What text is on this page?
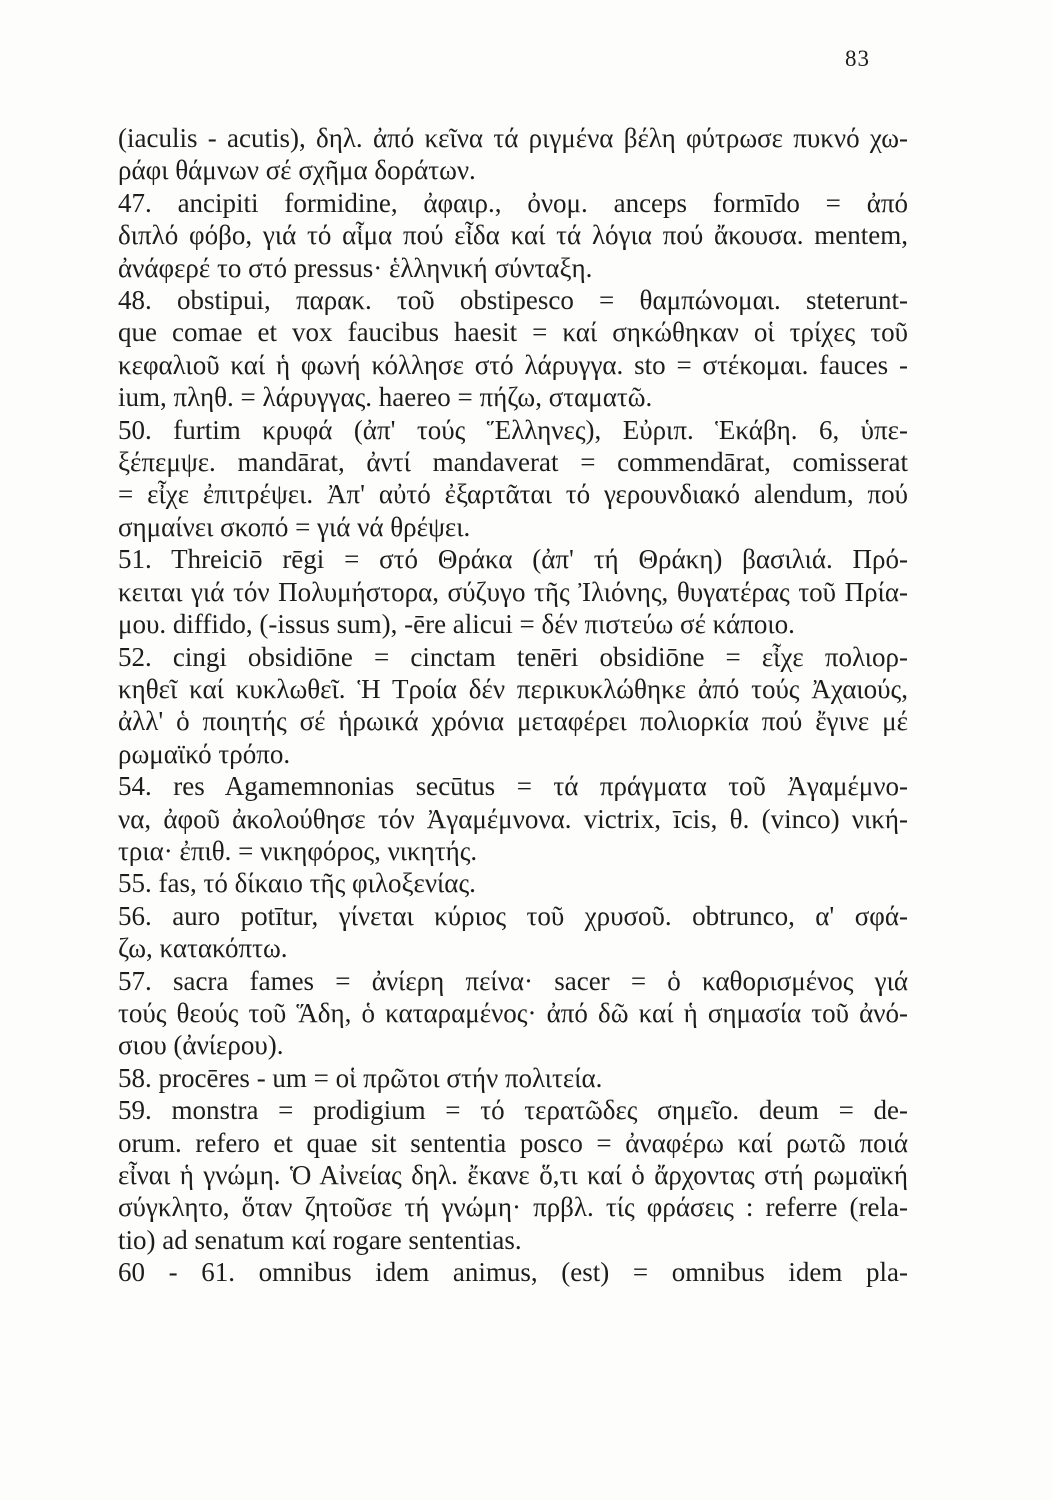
83
(iaculis - acutis), δηλ. ἀπό κεῖνα τά ριγμένα βέλη φύτρωσε πυκνό χω-
ράφι θάμνων σέ σχῆμα δοράτων.
47. ancipiti formidine, ἀφαιρ., ὀνομ. anceps formīdo = ἀπό
διπλό φόβο, γιά τό αἷμα πού εἶδα καί τά λόγια πού ἄκουσα. mentem,
ἀνάφερέ το στό pressus· ἑλληνική σύνταξη.
48. obstipui, παρακ. τοῦ obstipesco = θαμπώνομαι. steterunt-
que comae et vox faucibus haesit = καί σηκώθηκαν οἱ τρίχες τοῦ
κεφαλιοῦ καί ἡ φωνή κόλλησε στό λάρυγγα. sto = στέκομαι. fauces -
ium, πληθ. = λάρυγγας. haereo = πήζω, σταματῶ.
50. furtim κρυφά (ἀπ' τούς Ἕλληνες), Εὐριπ. Ἑκάβη. 6, ὑπε-
ξέπεμψε. mandārat, ἀντί mandaverat = commendārat, comisserat
= εἶχε ἐπιτρέψει. Ἀπ' αὐτό ἐξαρτᾶται τό γερουνδιακό alendum, πού
σημαίνει σκοπό = γιά νά θρέψει.
51. Threiciō rēgi = στό Θράκα (ἀπ' τή Θράκη) βασιλιά. Πρό-
κειται γιά τόν Πολυμήστορα, σύζυγο τῆς Ἰλιόνης, θυγατέρας τοῦ Πρία-
μου. diffido, (-issus sum), -ēre alicui = δέν πιστεύω σέ κάποιο.
52. cingi obsidiōne = cinctam tenēri obsidiōne = εἶχε πολιορ-
κηθεῖ καί κυκλωθεῖ. Ἡ Τροία δέν περικυκλώθηκε ἀπό τούς Ἀχαιούς,
ἀλλ' ὁ ποιητής σέ ἡρωικά χρόνια μεταφέρει πολιορκία πού ἔγινε μέ
ρωμαϊκό τρόπο.
54. res Agamemnonias secūtus = τά πράγματα τοῦ Ἀγαμέμνο-
να, ἀφοῦ ἀκολούθησε τόν Ἀγαμέμνονα. victrix, īcis, θ. (vinco) νική-
τρια· ἐπιθ. = νικηφόρος, νικητής.
55. fas, τό δίκαιο τῆς φιλοξενίας.
56. auro potītur, γίνεται κύριος τοῦ χρυσοῦ. obtrunco, α' σφά-
ζω, κατακόπτω.
57. sacra fames = ἀνίερη πείνα· sacer = ὁ καθορισμένος γιά
τούς θεούς τοῦ Ἅδη, ὁ καταραμένος· ἀπό δῶ καί ἡ σημασία τοῦ ἀνό-
σιου (ἀνίερου).
58. procēres - um = οἱ πρῶτοι στήν πολιτεία.
59. monstra = prodigium = τό τερατῶδες σημεῖο. deum = de-
orum. refero et quae sit sententia posco = ἀναφέρω καί ρωτῶ ποιά
εἶναι ἡ γνώμη. Ὁ Αἰνείας δηλ. ἔκανε ὅ,τι καί ὁ ἄρχοντας στή ρωμαϊκή
σύγκλητο, ὅταν ζητοῦσε τή γνώμη· πρβλ. τίς φράσεις : referre (rela-
tio) ad senatum καί rogare sententias.
60 - 61. omnibus idem animus, (est) = omnibus idem pla-
